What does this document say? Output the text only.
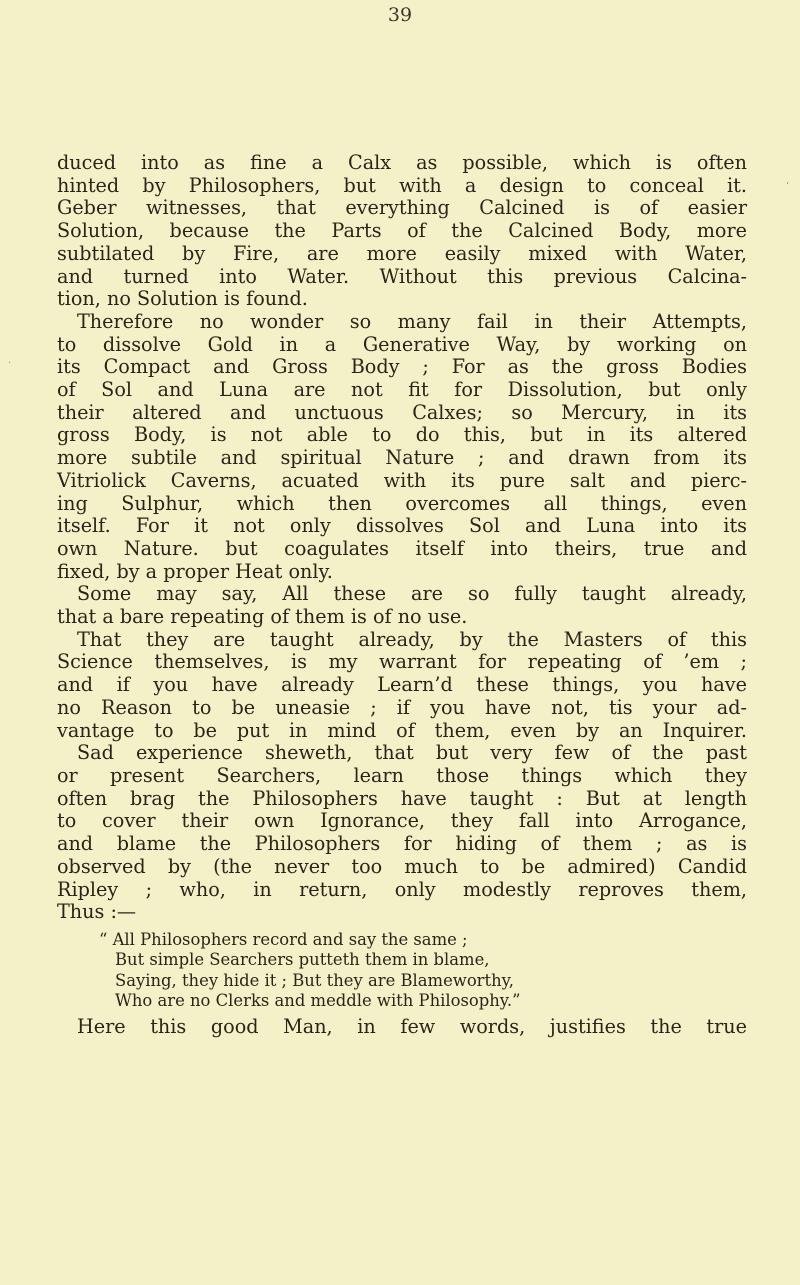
39
‘
·
duced into as fine a Calx as possible, which is often
hinted by Philosophers, but with a design to conceal it.
Geber witnesses, that everything Calcined is of easier
Solution, because the Parts of the Calcined Body, more
subtilated by Fire, are more easily mixed with Water,
and turned into Water. Without this previous Calcina-
tion, no Solution is found.
Therefore no wonder so many fail in their Attempts,
to dissolve Gold in a Generative Way, by working on
its Compact and Gross Body ; For as the gross Bodies
of Sol and Luna are not fit for Dissolution, but only
their altered and unctuous Calxes; so Mercury, in its
gross Body, is not able to do this, but in its altered
more subtile and spiritual Nature ; and drawn from its
Vitriolick Caverns, acuated with its pure salt and pierc-
ing Sulphur, which then overcomes all things, even
itself. For it not only dissolves Sol and Luna into its
own Nature. but coagulates itself into theirs, true and
fixed, by a proper Heat only.
Some may say, All these are so fully taught already,
that a bare repeating of them is of no use.
That they are taught already, by the Masters of this
Science themselves, is my warrant for repeating of ’em ;
and if you have already Learn’d these things, you have
no Reason to be uneasie ; if you have not, tis your ad-
vantage to be put in mind of them, even by an Inquirer.
Sad experience sheweth, that but very few of the past
or present Searchers, learn those things which they
often brag the Philosophers have taught : But at length
to cover their own Ignorance, they fall into Arrogance,
and blame the Philosophers for hiding of them ; as is
observed by (the never too much to be admired) Candid
Ripley ; who, in return, only modestly reproves them,
Thus :—
“ All Philosophers record and say the same ;
But simple Searchers putteth them in blame,
Saying, they hide it ; But they are Blameworthy,
Who are no Clerks and meddle with Philosophy.”
Here this good Man, in few words, justifies the true
